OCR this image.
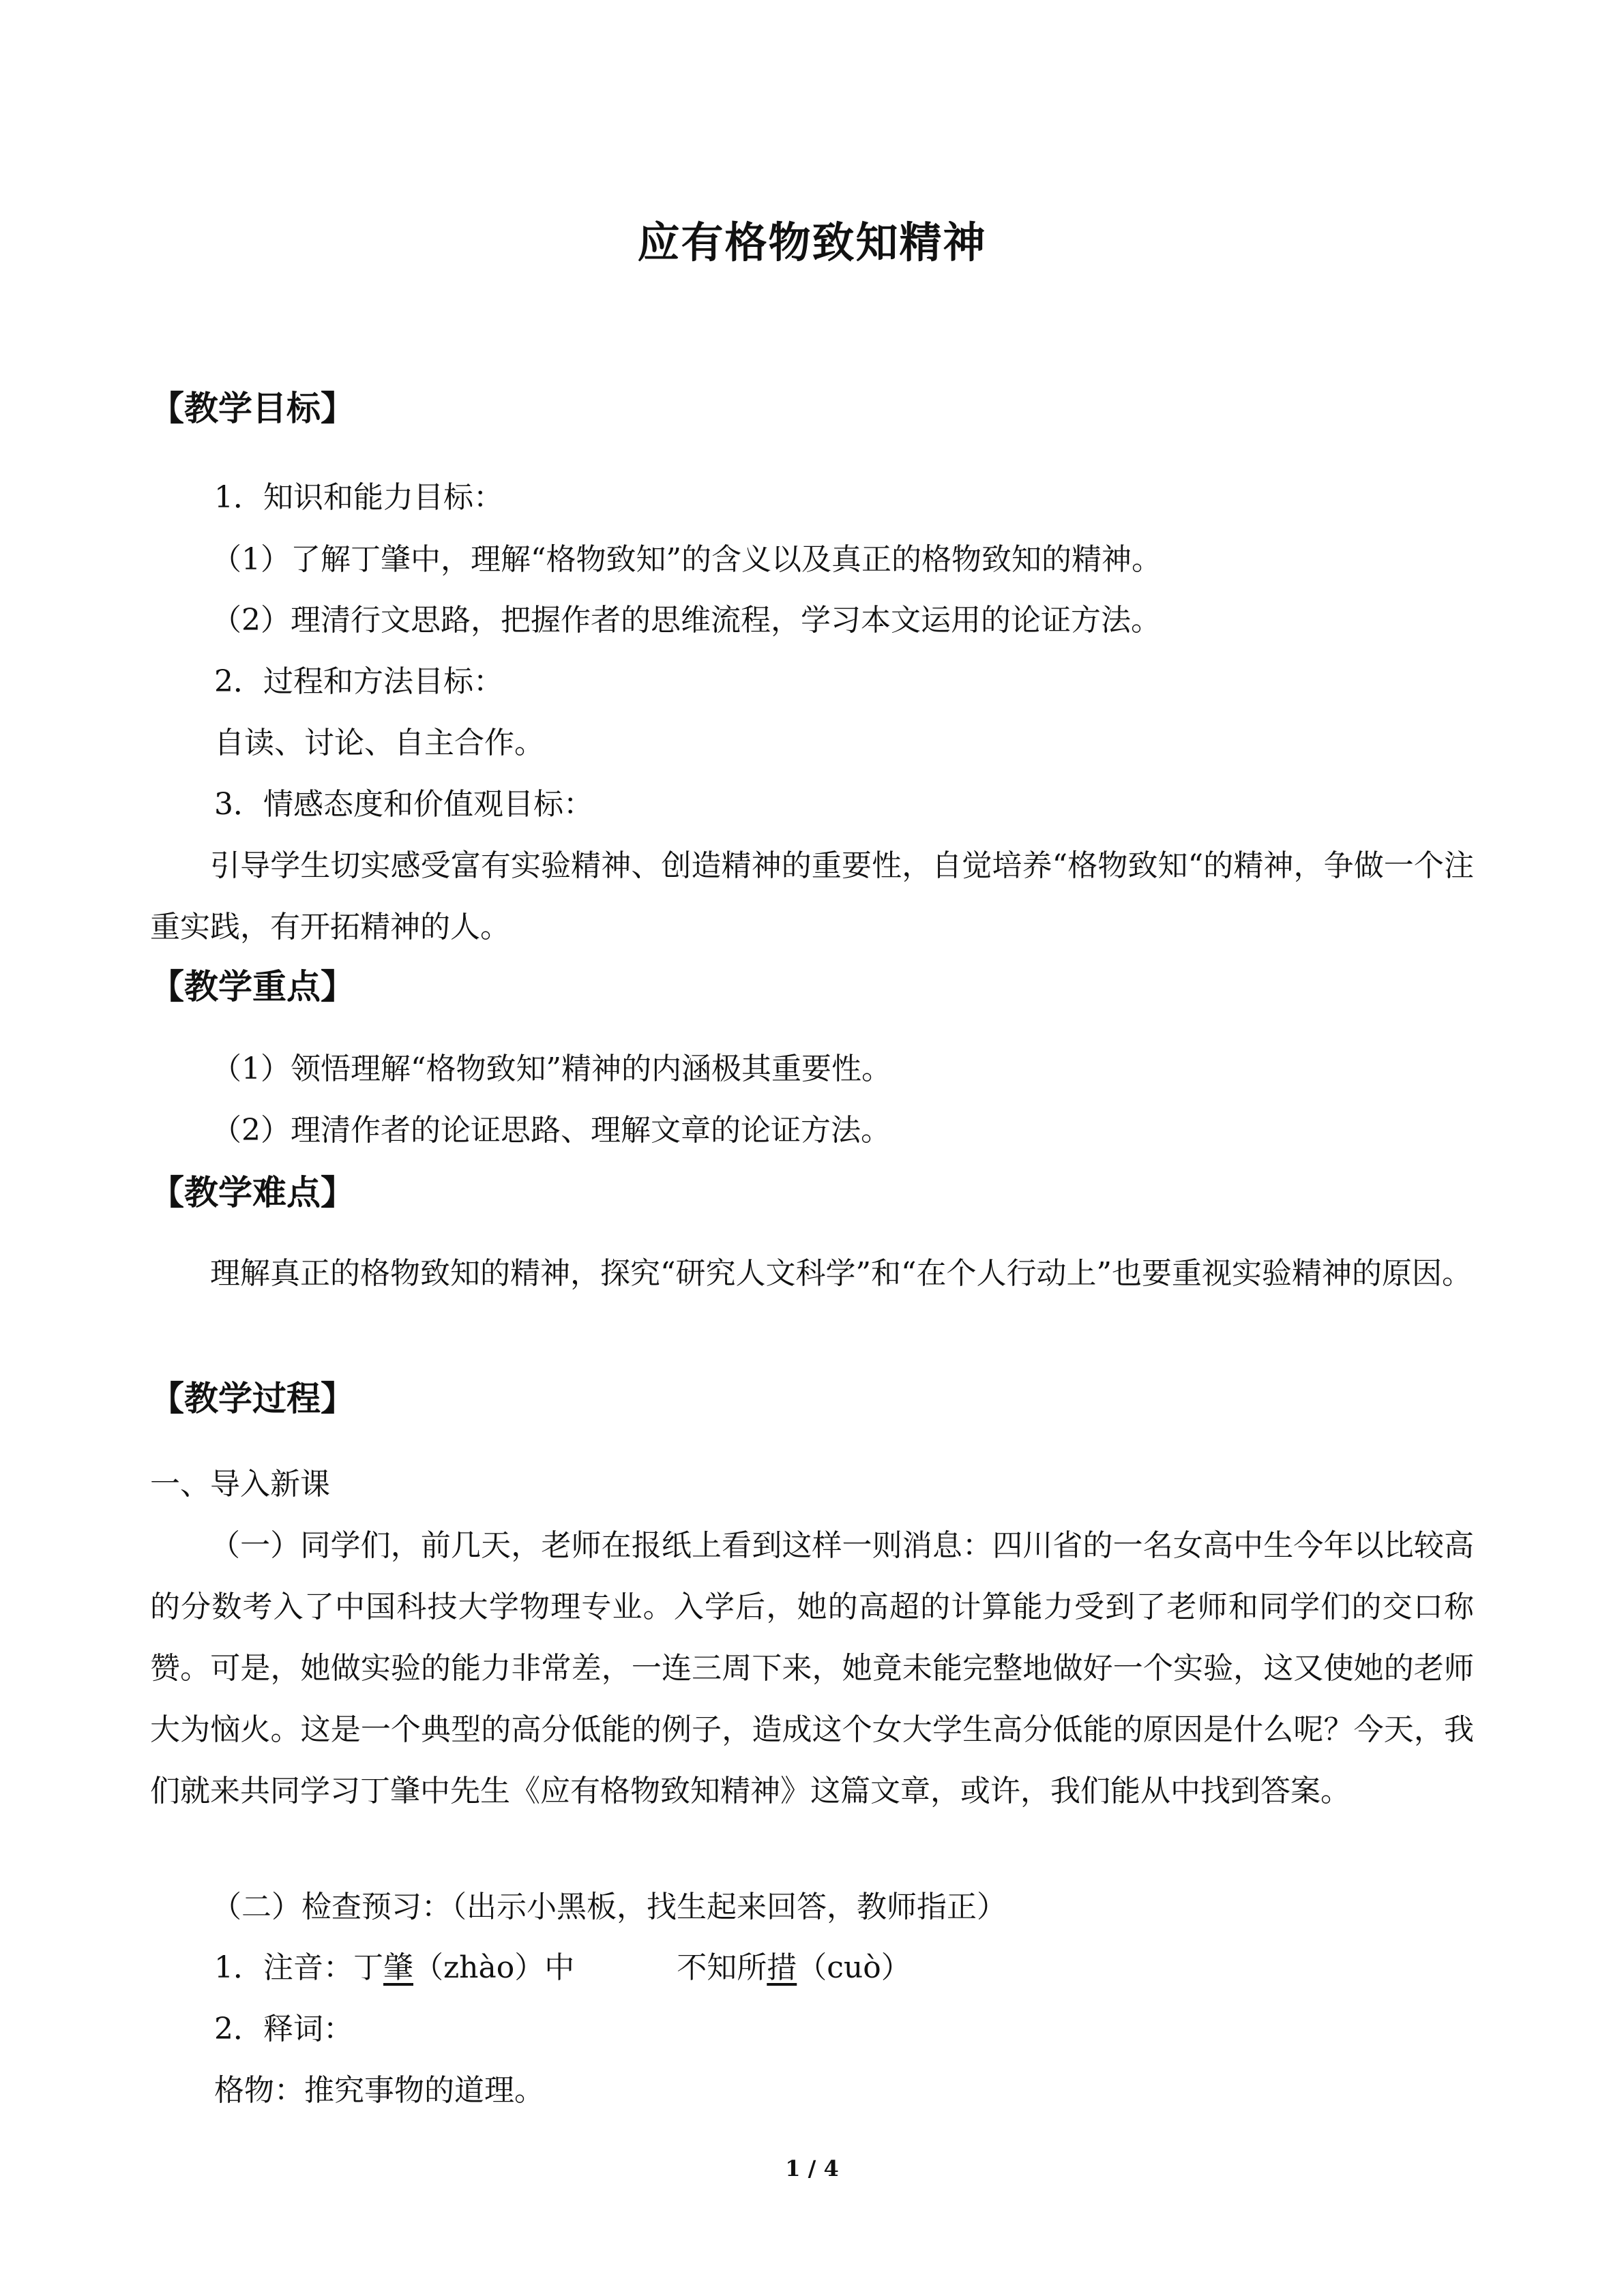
应有格物致知精神
【教学目标】
1．知识和能力目标：
（1）了解丁肇中，理解“格物致知”的含义以及真正的格物致知的精神。
（2）理清行文思路，把握作者的思维流程，学习本文运用的论证方法。
2．过程和方法目标：
自读、讨论、自主合作。
3．情感态度和价值观目标：
引导学生切实感受富有实验精神、创造精神的重要性，自觉培养“格物致知“的精神，争做一个注重实践，有开拓精神的人。
【教学重点】
（1）领悟理解“格物致知”精神的内涵极其重要性。
（2）理清作者的论证思路、理解文章的论证方法。
【教学难点】
理解真正的格物致知的精神，探究“研究人文科学”和“在个人行动上”也要重视实验精神的原因。
【教学过程】
一、导入新课
（一）同学们，前几天，老师在报纸上看到这样一则消息：四川省的一名女高中生今年以比较高的分数考入了中国科技大学物理专业。入学后，她的高超的计算能力受到了老师和同学们的交口称赞。可是，她做实验的能力非常差，一连三周下来，她竟未能完整地做好一个实验，这又使她的老师大为恼火。这是一个典型的高分低能的例子，造成这个女大学生高分低能的原因是什么呢？今天，我们就来共同学习丁肇中先生《应有格物致知精神》这篇文章，或许，我们能从中找到答案。
（二）检查预习：（出示小黑板，找生起来回答，教师指正）
1．注音：丁肇（zhào）中	不知所措（cuò）
2．释词：
格物：推究事物的道理。
1 / 4
